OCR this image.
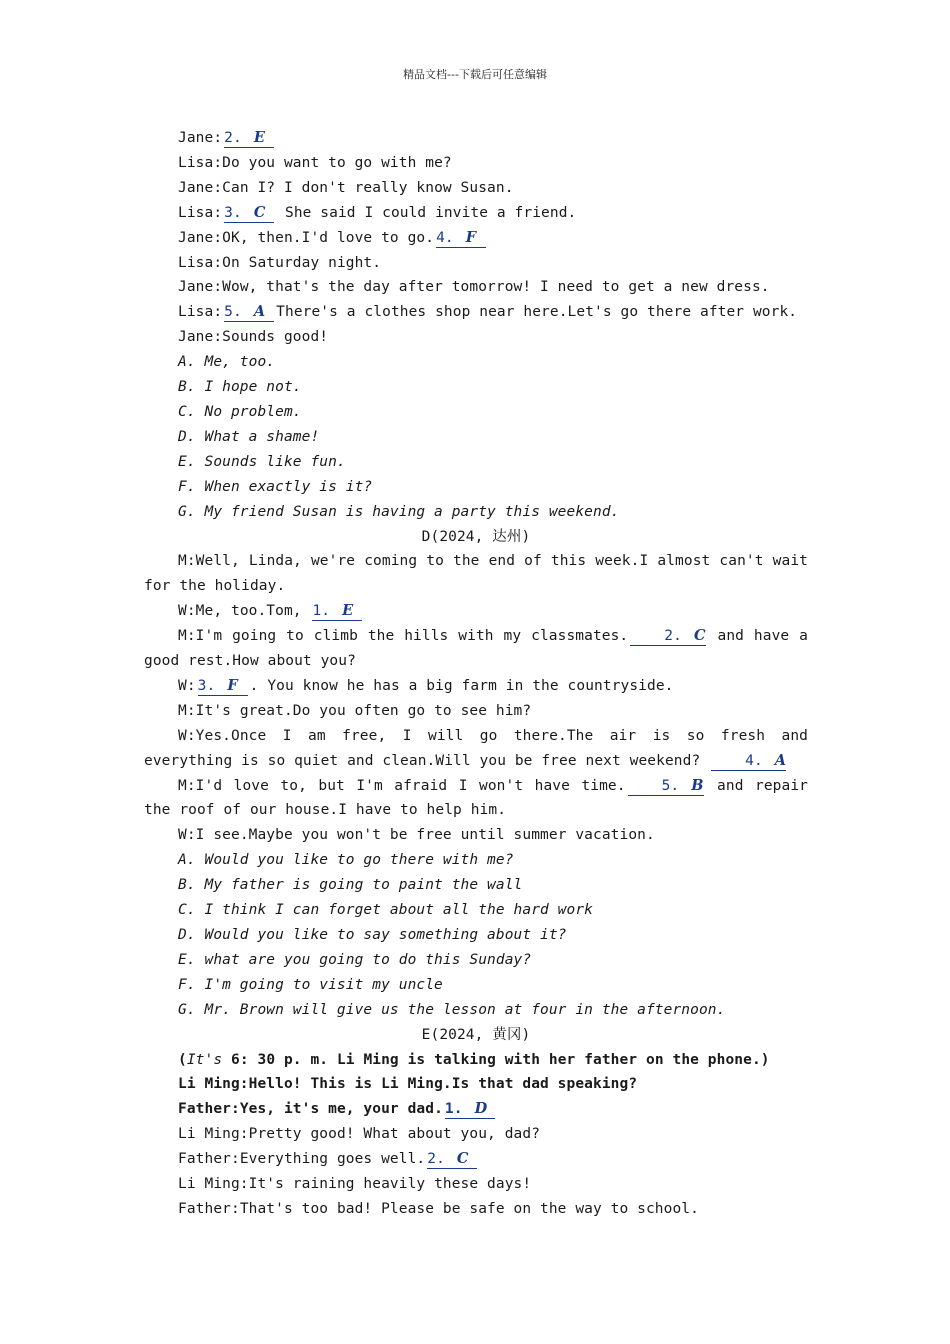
精品文档---下载后可任意编辑
Jane: 2. E
Lisa:Do you want to go with me?
Jane:Can I? I don't really know Susan.
Lisa: 3. C She said I could invite a friend.
Jane:OK, then.I'd love to go. 4. F
Lisa:On Saturday night.
Jane:Wow, that's the day after tomorrow! I need to get a new dress.
Lisa: 5. A There's a clothes shop near here.Let's go there after work.
Jane:Sounds good!
A. Me, too.
B. I hope not.
C. No problem.
D. What a shame!
E. Sounds like fun.
F. When exactly is it?
G. My friend Susan is having a party this weekend.
D(2024, 达州)
M:Well, Linda, we're coming to the end of this week.I almost can't wait for the holiday.
W:Me, too.Tom, 1. E
M:I'm going to climb the hills with my classmates. 2. C and have a good rest.How about you?
W: 3. F . You know he has a big farm in the countryside.
M:It's great.Do you often go to see him?
W:Yes.Once I am free, I will go there.The air is so fresh and everything is so quiet and clean.Will you be free next weekend? 4. A
M:I'd love to, but I'm afraid I won't have time. 5. B and repair the roof of our house.I have to help him.
W:I see.Maybe you won't be free until summer vacation.
A. Would you like to go there with me?
B. My father is going to paint the wall
C. I think I can forget about all the hard work
D. Would you like to say something about it?
E. what are you going to do this Sunday?
F. I'm going to visit my uncle
G. Mr. Brown will give us the lesson at four in the afternoon.
E(2024, 黄冈)
(It's 6: 30 p. m. Li Ming is talking with her father on the phone.)
Li Ming:Hello! This is Li Ming.Is that dad speaking?
Father:Yes, it's me, your dad. 1. D
Li Ming:Pretty good! What about you, dad?
Father:Everything goes well. 2. C
Li Ming:It's raining heavily these days!
Father:That's too bad! Please be safe on the way to school.
